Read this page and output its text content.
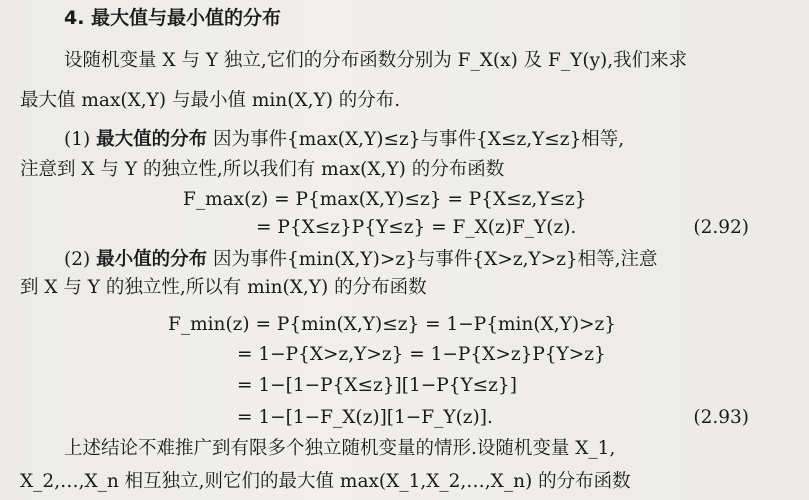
4. 最大值与最小值的分布
设随机变量 X 与 Y 独立,它们的分布函数分别为 F_X(x) 及 F_Y(y),我们来求
最大值 max(X,Y) 与最小值 min(X,Y) 的分布.
(1) 最大值的分布 因为事件{max(X,Y)≤z}与事件{X≤z,Y≤z}相等,
注意到 X 与 Y 的独立性,所以我们有 max(X,Y) 的分布函数
F_max(z) = P{max(X,Y)≤z} = P{X≤z,Y≤z}
= P{X≤z}P{Y≤z} = F_X(z)F_Y(z).	(2.92)
(2) 最小值的分布 因为事件{min(X,Y)>z}与事件{X>z,Y>z}相等,注意
到 X 与 Y 的独立性,所以有 min(X,Y) 的分布函数
F_min(z) = P{min(X,Y)≤z} = 1−P{min(X,Y)>z}
= 1−P{X>z,Y>z} = 1−P{X>z}P{Y>z}
= 1−[1−P{X≤z}][1−P{Y≤z}]
= 1−[1−F_X(z)][1−F_Y(z)].	(2.93)
上述结论不难推广到有限多个独立随机变量的情形.设随机变量 X_1,
X_2,…,X_n 相互独立,则它们的最大值 max(X_1,X_2,…,X_n) 的分布函数
